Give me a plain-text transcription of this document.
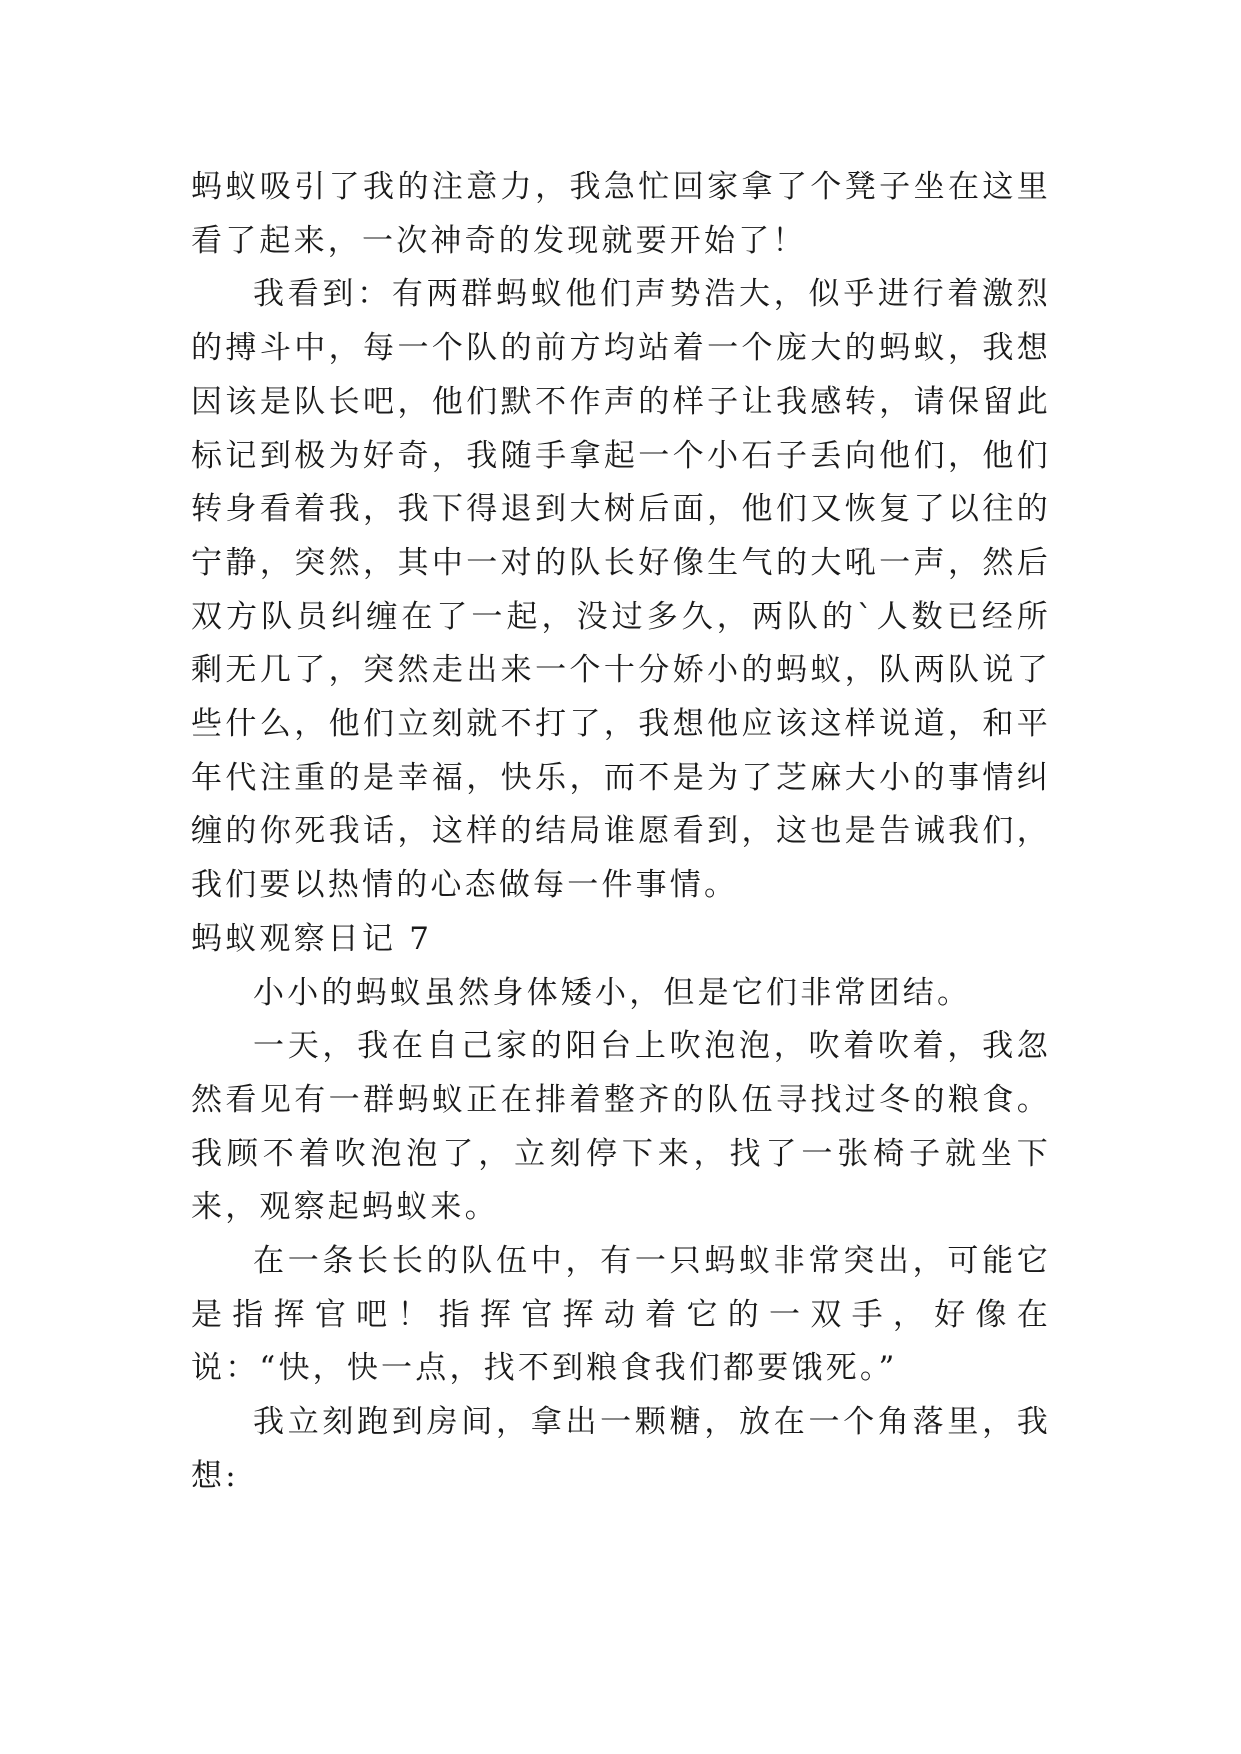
蚂蚁吸引了我的注意力，我急忙回家拿了个凳子坐在这里看了起来，一次神奇的发现就要开始了！

我看到：有两群蚂蚁他们声势浩大，似乎进行着激烈的搏斗中，每一个队的前方均站着一个庞大的蚂蚁，我想因该是队长吧，他们默不作声的样子让我感转，请保留此标记到极为好奇，我随手拿起一个小石子丢向他们，他们转身看着我，我下得退到大树后面，他们又恢复了以往的宁静，突然，其中一对的队长好像生气的大吼一声，然后双方队员纠缠在了一起，没过多久，两队的`人数已经所剩无几了，突然走出来一个十分娇小的蚂蚁，队两队说了些什么，他们立刻就不打了，我想他应该这样说道，和平年代注重的是幸福，快乐，而不是为了芝麻大小的事情纠缠的你死我话，这样的结局谁愿看到，这也是告诫我们，我们要以热情的心态做每一件事情。

蚂蚁观察日记 7

小小的蚂蚁虽然身体矮小，但是它们非常团结。

一天，我在自己家的阳台上吹泡泡，吹着吹着，我忽然看见有一群蚂蚁正在排着整齐的队伍寻找过冬的粮食。我顾不着吹泡泡了，立刻停下来，找了一张椅子就坐下来，观察起蚂蚁来。

在一条长长的队伍中，有一只蚂蚁非常突出，可能它是指挥官吧！指挥官挥动着它的一双手，好像在说：“快，快一点，找不到粮食我们都要饿死。”

我立刻跑到房间，拿出一颗糖，放在一个角落里，我想:
